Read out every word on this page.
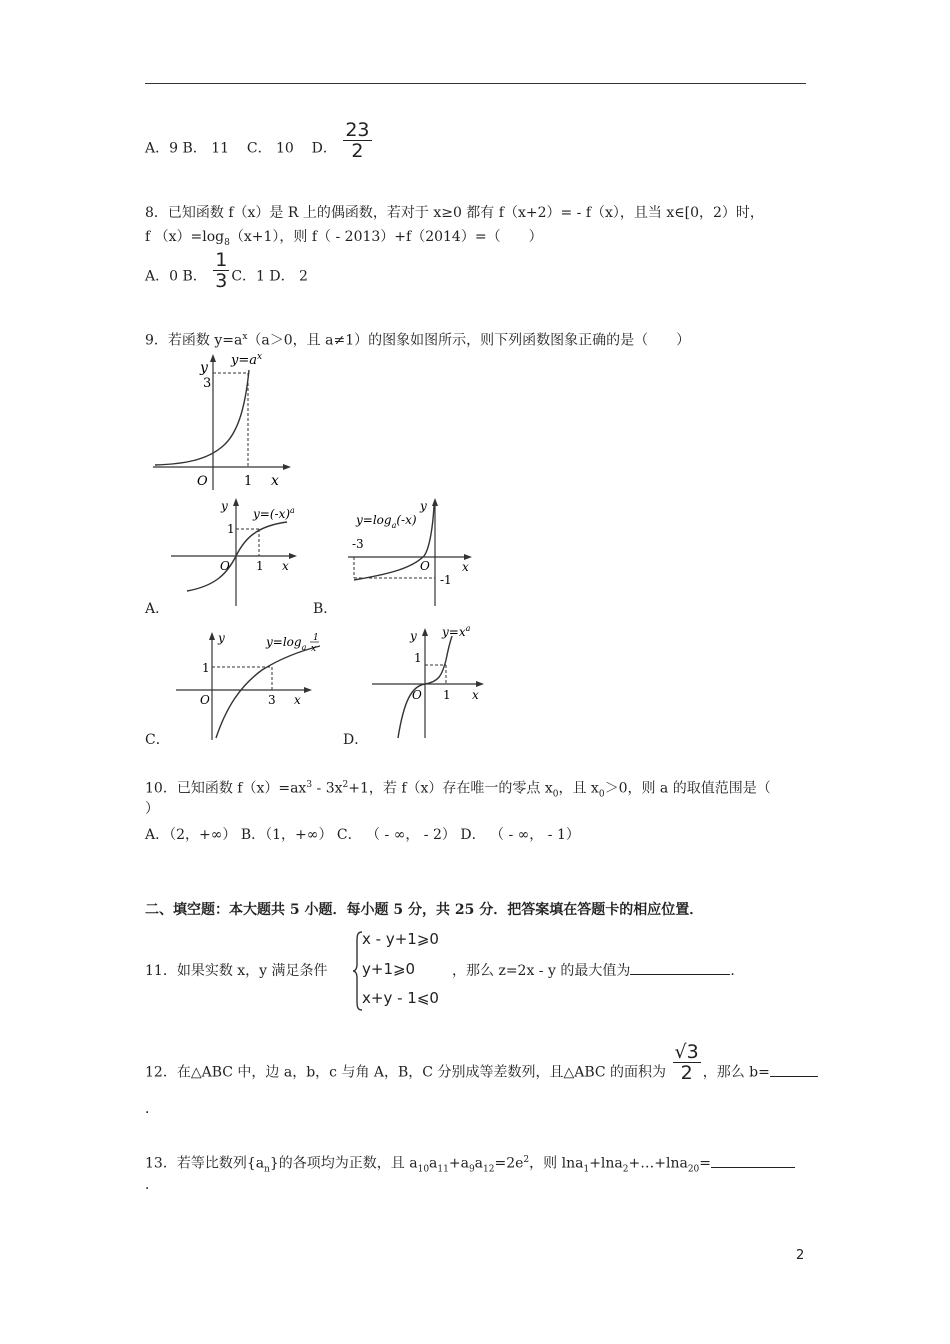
A．9 B． 11 C． 10 D． $\frac{23}{2}$
8．已知函数 f（x）是 R 上的偶函数，若对于 x≥0 都有 f（x+2）= - f（x），且当 x∈[0，2）时，
f $(x)=\log_8(x+1)$，则 f（ - 2013）+f（2014）=（　　）
A．0 B． $\frac{1}{3}$ C．1 D． 2
9．若函数 $y=a^x(a>0$，且 a≠1）的图象如图所示，则下列函数图象正确的是（　　）
y
3
$y=a^x$
O	1 x
y
1
$y=(-x)^a$
O 1 x
A．
y
$y=\log_a(-x)$
-3
O	x
-1
B．
y
1
$y=\log_a$
1
x
O	3 x
C．
y
1
$y=x^a$
O 1 x
D．
10．已知函数 $f(x)=ax^3 - 3x^2+1$，若 f（x）存在唯一的零点 $x_0$，且 $x_0>0$，则 a 的取值范围是（
）
A．（2，+∞） B．（1，+∞） C． （ - ∞， - 2） D． （ - ∞， - 1）
二、填空题：本大题共 5 小题．每小题 5 分，共 25 分．把答案填在答题卡的相应位置．
x - y+1⩾0
y+1⩾0
x+y - 1⩽0
11．如果实数 x，y 满足条件	，那么 z=2x - y 的最大值为	．
12．在△ABC 中，边 a，b，c 与角 A，B，C 分别成等差数列，且△ABC 的面积为 $\frac{√3}{2}$ ，那么 b=
．
13．若等比数列$\{a_n\}$的各项均为正数，且 $a_{10}a_{11}+a_9a_{12}=2e^2$，则 lna$_1$+lna$_2$+…+lna$_{20}$=
．
2
